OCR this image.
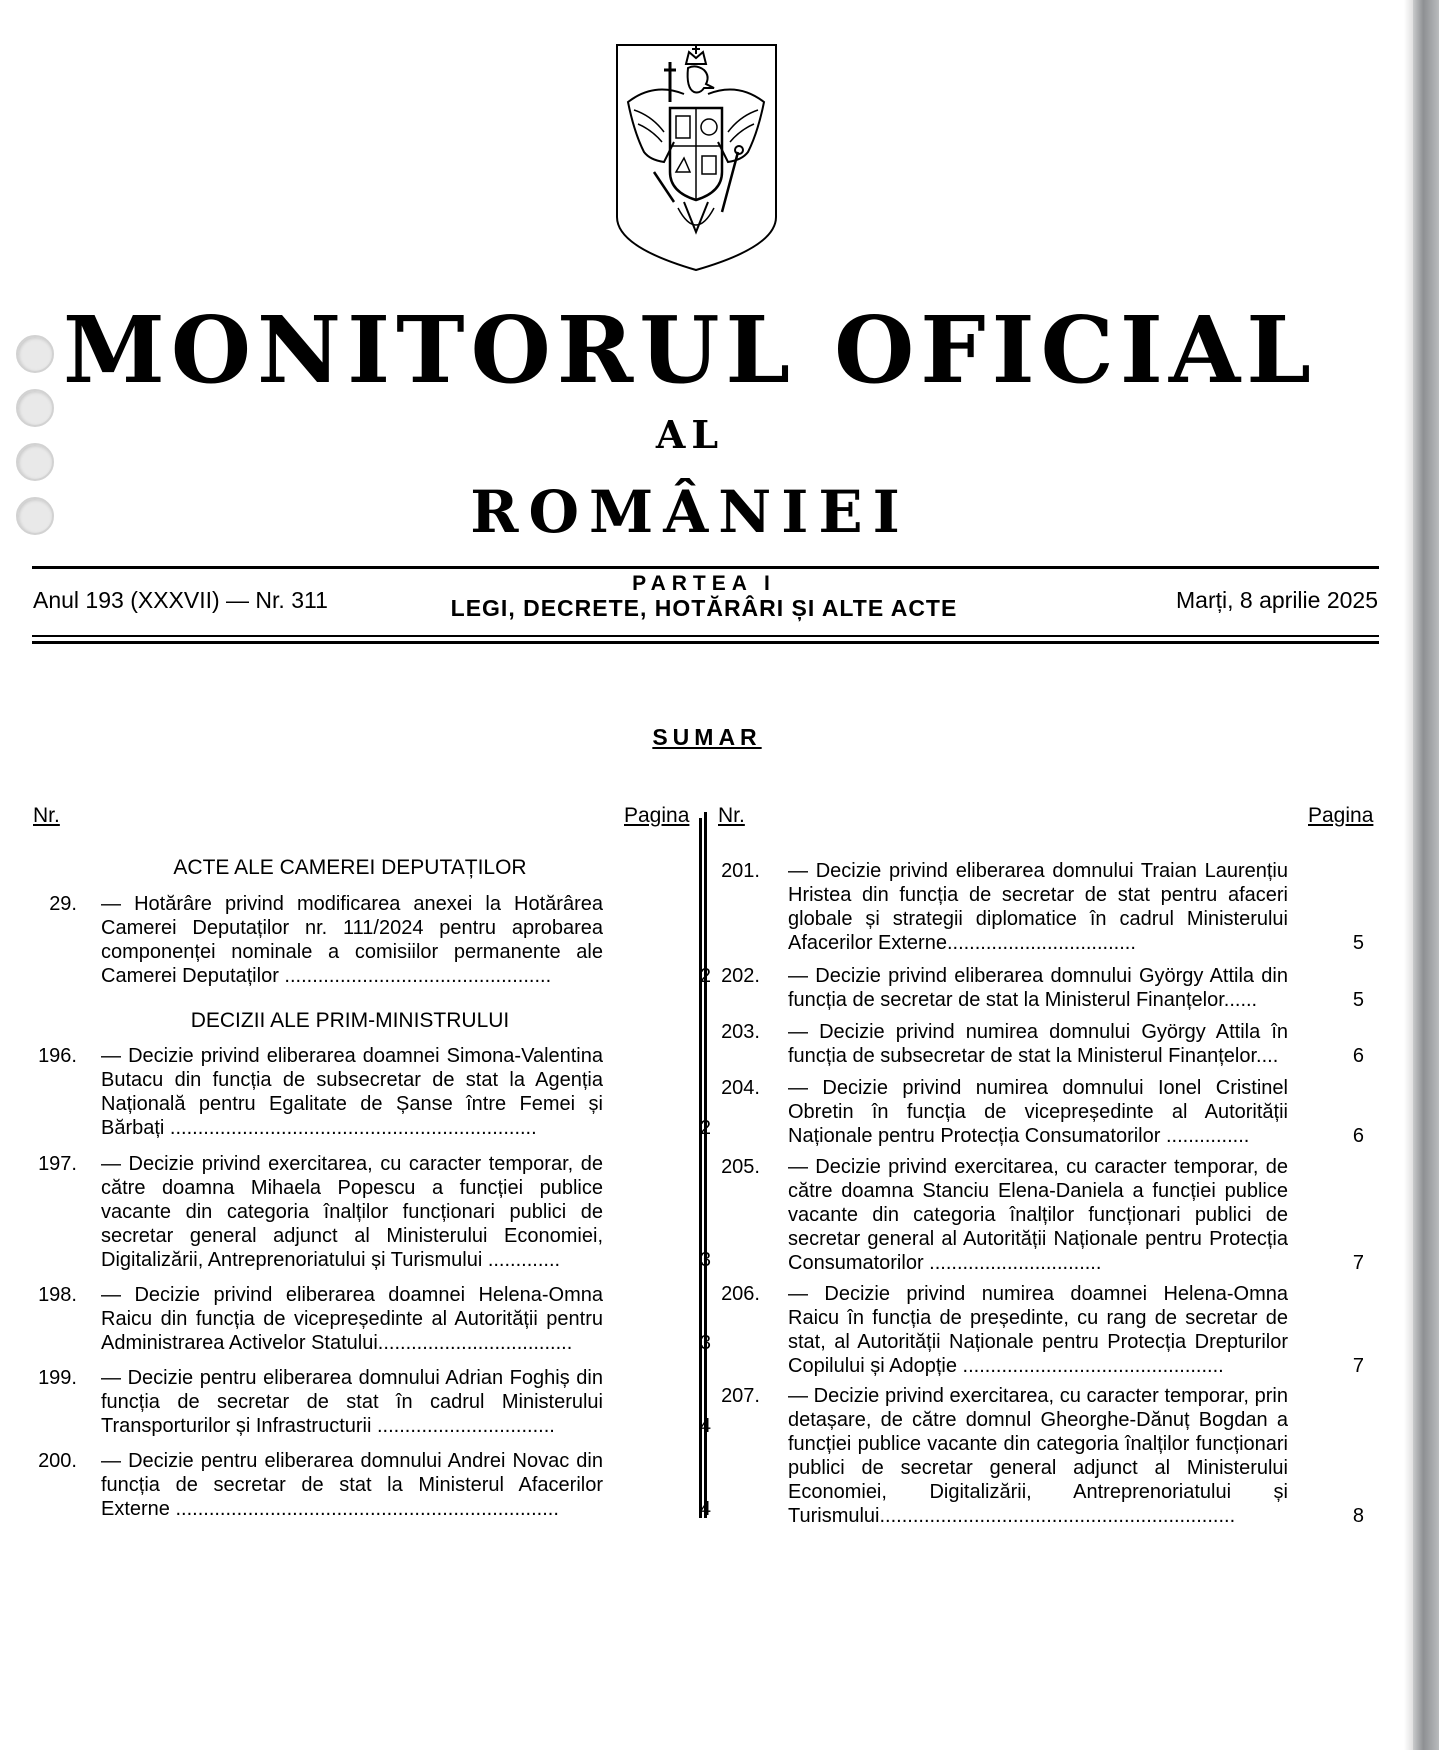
MONITORUL OFICIAL
AL
ROMÂNIEI
Anul 193 (XXXVII) — Nr. 311
PARTEA I
LEGI, DECRETE, HOTĂRÂRI ȘI ALTE ACTE	Marți, 8 aprilie 2025
SUMAR
Nr.	Pagina Nr.	Pagina
ACTE ALE CAMEREI DEPUTAȚILOR
DECIZII ALE PRIM-MINISTRULUI
29. — Hotărâre privind modificarea anexei la Hotărârea Camerei Deputaților nr. 111/2024 pentru aprobarea componenței nominale a comisiilor permanente ale Camerei Deputaților ................................................	2
196. — Decizie privind eliberarea doamnei Simona-Valentina Butacu din funcția de subsecretar de stat la Agenția Națională pentru Egalitate de Șanse între Femei și Bărbați ..................................................................	2
197. — Decizie privind exercitarea, cu caracter temporar, de către doamna Mihaela Popescu a funcției publice vacante din categoria înalților funcționari publici de secretar general adjunct al Ministerului Economiei, Digitalizării, Antreprenoriatului și Turismului .............	3
198. — Decizie privind eliberarea doamnei Helena-Omna Raicu din funcția de vicepreședinte al Autorității pentru Administrarea Activelor Statului...................................	3
199. — Decizie pentru eliberarea domnului Adrian Foghiș din funcția de secretar de stat în cadrul Ministerului Transporturilor și Infrastructurii ................................	4
200. — Decizie pentru eliberarea domnului Andrei Novac din funcția de secretar de stat la Ministerul Afacerilor Externe .....................................................................	4
201. — Decizie privind eliberarea domnului Traian Laurențiu Hristea din funcția de secretar de stat pentru afaceri globale și strategii diplomatice în cadrul Ministerului Afacerilor Externe..................................	5
202. — Decizie privind eliberarea domnului György Attila din funcția de secretar de stat la Ministerul Finanțelor......	5
203. — Decizie privind numirea domnului György Attila în funcția de subsecretar de stat la Ministerul Finanțelor....	6
204. — Decizie privind numirea domnului Ionel Cristinel Obretin în funcția de vicepreședinte al Autorității Naționale pentru Protecția Consumatorilor ...............	6
205. — Decizie privind exercitarea, cu caracter temporar, de către doamna Stanciu Elena-Daniela a funcției publice vacante din categoria înalților funcționari publici de secretar general al Autorității Naționale pentru Protecția Consumatorilor ...............................	7
206. — Decizie privind numirea doamnei Helena-Omna Raicu în funcția de președinte, cu rang de secretar de stat, al Autorității Naționale pentru Protecția Drepturilor Copilului și Adopție ...............................................	7
207. — Decizie privind exercitarea, cu caracter temporar, prin detașare, de către domnul Gheorghe-Dănuț Bogdan a funcției publice vacante din categoria înalților funcționari publici de secretar general adjunct al Ministerului Economiei, Digitalizării, Antreprenoriatului și Turismului................................................................	8
